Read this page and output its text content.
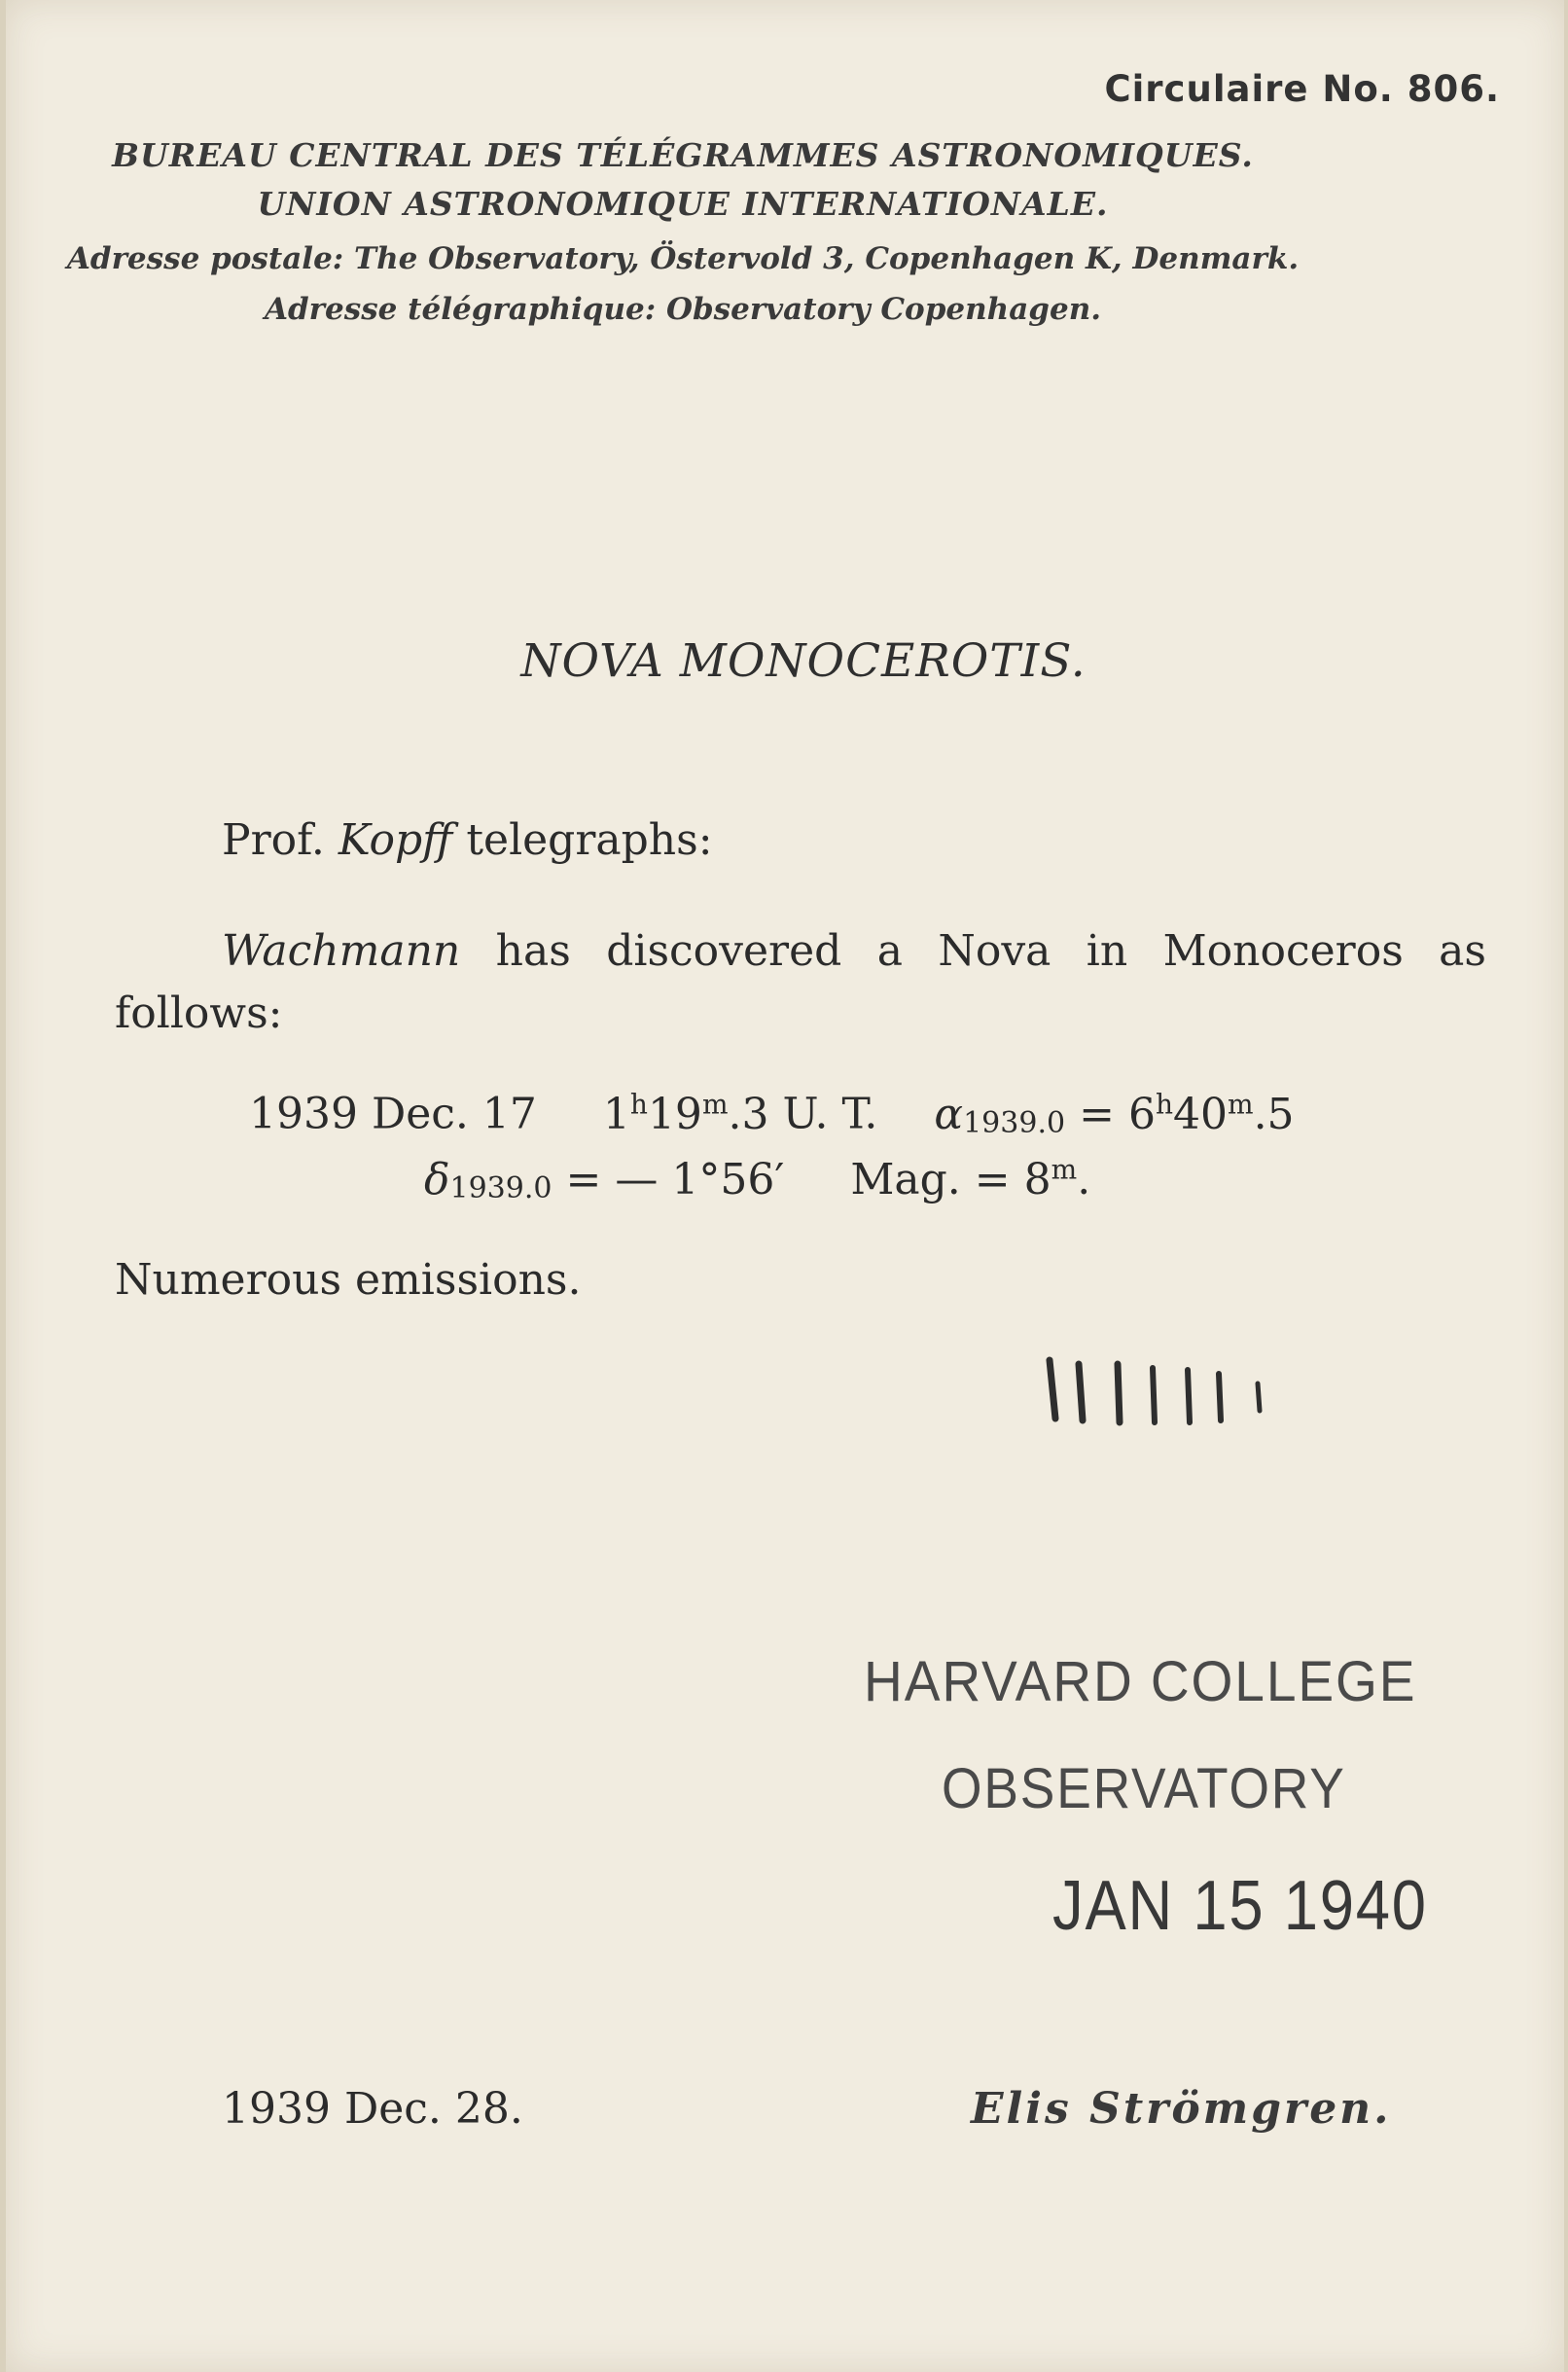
Circulaire No. 806.
BUREAU CENTRAL DES TÉLÉGRAMMES ASTRONOMIQUES.
UNION ASTRONOMIQUE INTERNATIONALE.
Adresse postale: The Observatory, Östervold 3, Copenhagen K, Denmark.
Adresse télégraphique: Observatory Copenhagen.
NOVA MONOCEROTIS.
Prof. Kopff telegraphs:
Wachmann has discovered a Nova in Monoceros as follows:
1939 Dec. 17 1$^h$19$^m$.3 U. T. $\alpha_{1939.0} = 6^h40^m.5$
$\delta_{1939.0}$ = — 1°56′ Mag. = $8^m$.
Numerous emissions.
HARVARD COLLEGE
OBSERVATORY
JAN 15 1940
1939 Dec. 28.	Elis Strömgren.
